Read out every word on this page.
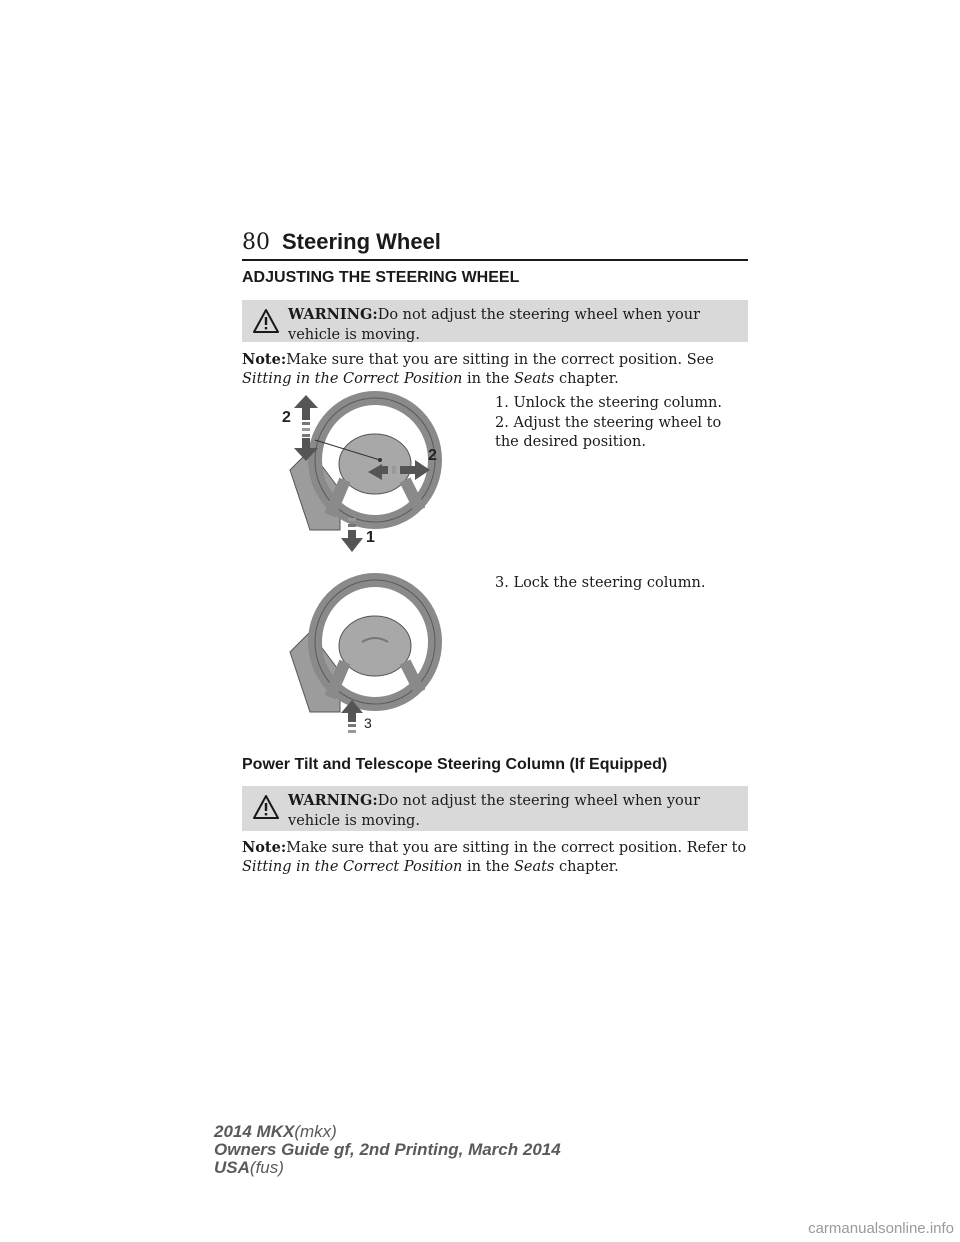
80 Steering Wheel
ADJUSTING THE STEERING WHEEL
WARNING:Do not adjust the steering wheel when your vehicle is moving.
Note:Make sure that you are sitting in the correct position. See Sitting in the Correct Position in the Seats chapter.
2
2
1
1. Unlock the steering column.
2. Adjust the steering wheel to the desired position.
3
3. Lock the steering column.
Power Tilt and Telescope Steering Column (If Equipped)
WARNING:Do not adjust the steering wheel when your vehicle is moving.
Note:Make sure that you are sitting in the correct position. Refer to Sitting in the Correct Position in the Seats chapter.
2014 MKX(mkx)
Owners Guide gf, 2nd Printing, March 2014
USA(fus)
carmanualsonline.info
